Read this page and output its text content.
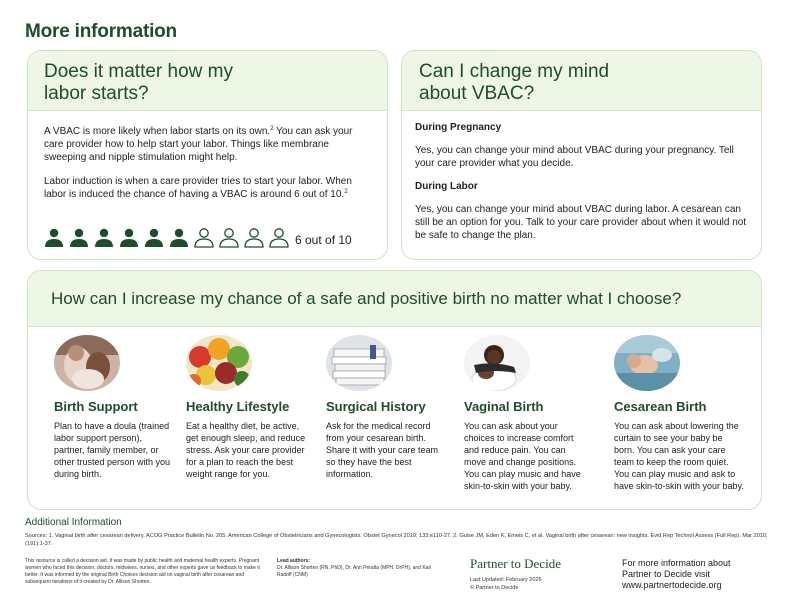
More information
Does it matter how my
labor starts?

A VBAC is more likely when labor starts on its own.$^2$ You can ask your care provider how to help start your labor. Things like membrane sweeping and nipple stimulation might help.

Labor induction is when a care provider tries to start your labor. When labor is induced the chance of having a VBAC is around 6 out of 10.$^2$

6 out of 10
Can I change my mind
about VBAC?
During Pregnancy

Yes, you can change your mind about VBAC during your pregnancy. Tell your care provider what you decide.

During Labor

Yes, you can change your mind about VBAC during labor. A cesarean can still be an option for you. Talk to your care provider about when it would not be safe to change the plan.

How can I increase my chance of a safe and positive birth no matter what I choose?
Birth Support

Plan to have a doula (trained labor support person), partner, family member, or other trusted person with you during birth.

Healthy Lifestyle

Eat a healthy diet, be active, get enough sleep, and reduce stress. Ask your care provider for a plan to reach the best weight range for you.

Surgical History

Ask for the medical record from your cesarean birth. Share it with your care team so they have the best information.

Vaginal Birth

You can ask about your choices to increase comfort and reduce pain. You can move and change positions. You can play music and have skin-to-skin with your baby.

Cesarean Birth

You can ask about lowering the curtain to see your baby be born. You can ask your care team to keep the room quiet. You can play music and ask to have skin-to-skin with your baby.

Additional Information
Sources: 1. Vaginal birth after cesarean delivery. ACOG Practice Bulletin No. 205. American College of Obstetricians and Gynecologists. Obstet Gynecol 2019; 133:e110-27. 2. Guise JM, Eden K, Emeis C, et al. Vaginal birth after cesarean: new insights. Evid Rep Technol Assess (Full Rep). Mar 2010;(191):1-37.
This resource is called a decision aid. It was made by public health and maternal health experts. Pregnant women who faced this decision, doctors, midwives, nurses, and other experts gave us feedback to make it better. It was informed by the original Birth Choices decision aid on vaginal birth after cesarean and subsequent iterations of it created by Dr. Allison Shorten.
Lead authors:
Dr. Allison Shorten (RN, PhD), Dr. Ann Peralta (MPH, DrPH), and Kari Radoff (CNM)
Partner to Decide
Last Updated: February 2026
© Partner to Decide
For more information about
Partner to Decide visit
www.partnertodecide.org
